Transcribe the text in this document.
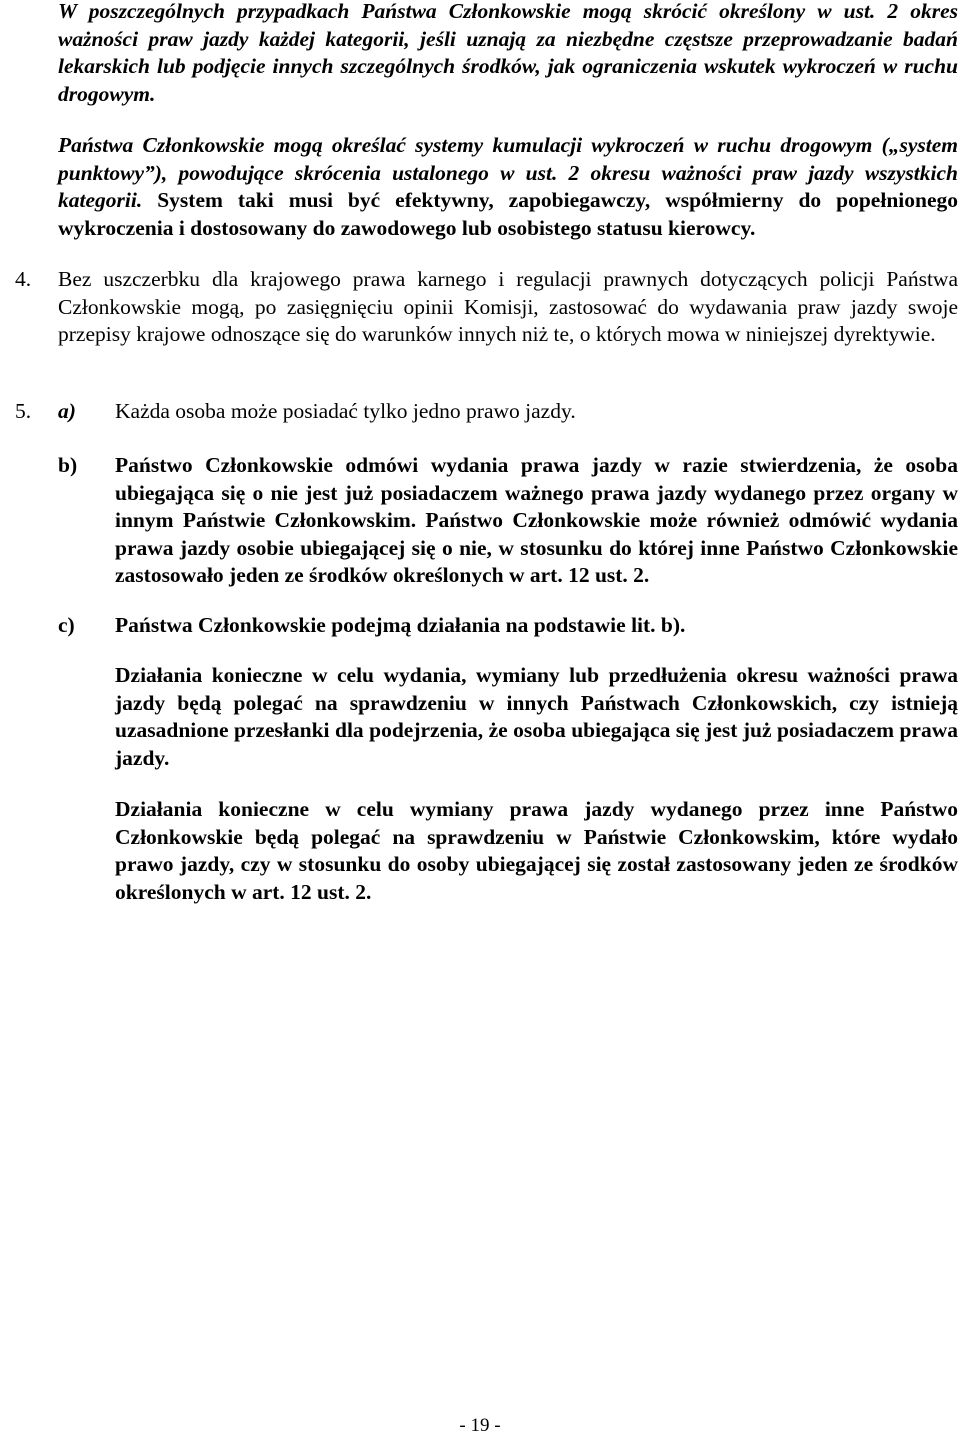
W poszczególnych przypadkach Państwa Członkowskie mogą skrócić określony w ust. 2 okres ważności praw jazdy każdej kategorii, jeśli uznają za niezbędne częstsze przeprowadzanie badań lekarskich lub podjęcie innych szczególnych środków, jak ograniczenia wskutek wykroczeń w ruchu drogowym.

Państwa Członkowskie mogą określać systemy kumulacji wykroczeń w ruchu drogowym („system punktowy”), powodujące skrócenia ustalonego w ust. 2 okresu ważności praw jazdy wszystkich kategorii. System taki musi być efektywny, zapobiegawczy, współmierny do popełnionego wykroczenia i dostosowany do zawodowego lub osobistego statusu kierowcy.

4. Bez uszczerbku dla krajowego prawa karnego i regulacji prawnych dotyczących policji Państwa Członkowskie mogą, po zasięgnięciu opinii Komisji, zastosować do wydawania praw jazdy swoje przepisy krajowe odnoszące się do warunków innych niż te, o których mowa w niniejszej dyrektywie.

5. a) Każda osoba może posiadać tylko jedno prawo jazdy.

b) Państwo Członkowskie odmówi wydania prawa jazdy w razie stwierdzenia, że osoba ubiegająca się o nie jest już posiadaczem ważnego prawa jazdy wydanego przez organy w innym Państwie Członkowskim. Państwo Członkowskie może również odmówić wydania prawa jazdy osobie ubiegającej się o nie, w stosunku do której inne Państwo Członkowskie zastosowało jeden ze środków określonych w art. 12 ust. 2.

c) Państwa Członkowskie podejmą działania na podstawie lit. b).

Działania konieczne w celu wydania, wymiany lub przedłużenia okresu ważności prawa jazdy będą polegać na sprawdzeniu w innych Państwach Członkowskich, czy istnieją uzasadnione przesłanki dla podejrzenia, że osoba ubiegająca się jest już posiadaczem prawa jazdy.

Działania konieczne w celu wymiany prawa jazdy wydanego przez inne Państwo Członkowskie będą polegać na sprawdzeniu w Państwie Członkowskim, które wydało prawo jazdy, czy w stosunku do osoby ubiegającej się został zastosowany jeden ze środków określonych w art. 12 ust. 2.

- 19 -
